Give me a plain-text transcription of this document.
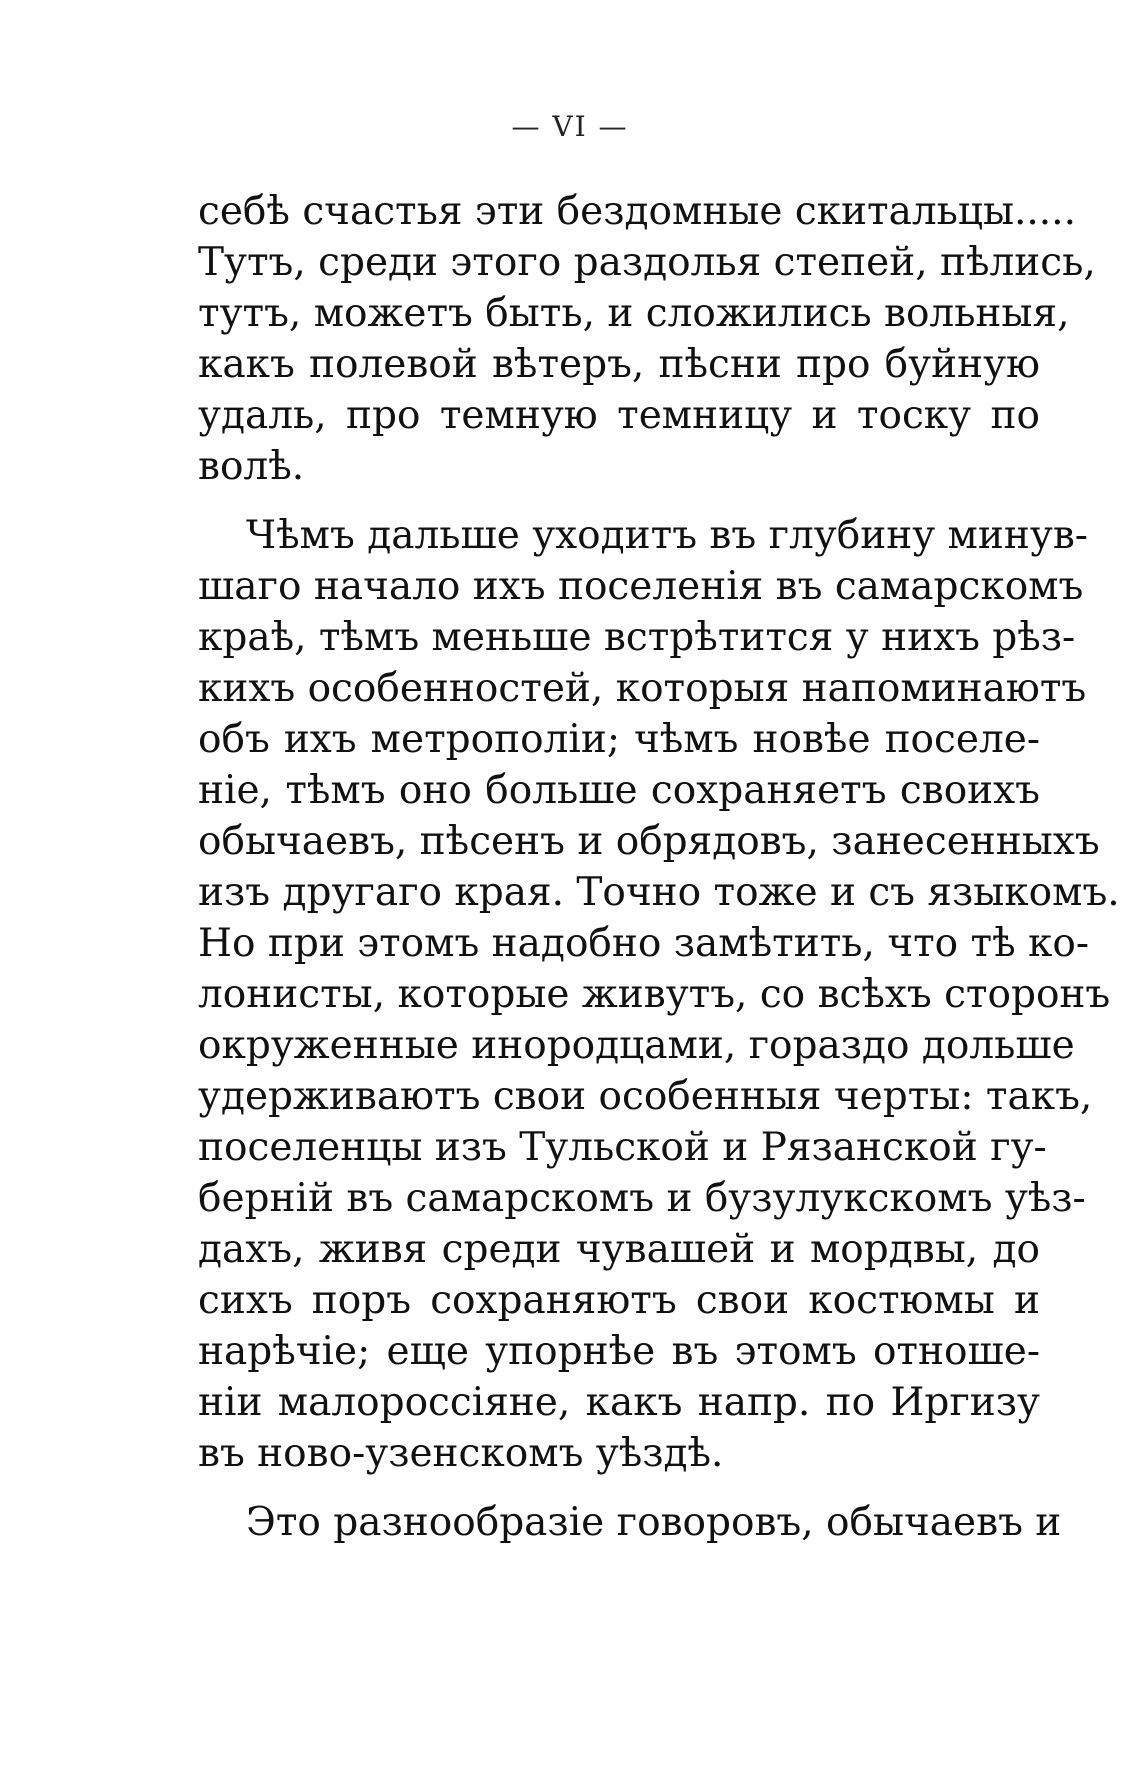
— VI —
себѣ счастья эти бездомные скитальцы.....
Тутъ, среди этого раздолья степей, пѣлись,
тутъ, можетъ быть, и сложились вольныя,
какъ полевой вѣтеръ, пѣсни про буйную
удаль, про темную темницу и тоску по
волѣ.
Чѣмъ дальше уходитъ въ глубину минув-
шаго начало ихъ поселенія въ самарскомъ
краѣ, тѣмъ меньше встрѣтится у нихъ рѣз-
кихъ особенностей, которыя напоминаютъ
объ ихъ метрополіи; чѣмъ новѣе поселе-
ніе, тѣмъ оно больше сохраняетъ своихъ
обычаевъ, пѣсенъ и обрядовъ, занесенныхъ
изъ другаго края. Точно тоже и съ языкомъ.
Но при этомъ надобно замѣтить, что тѣ ко-
лонисты, которые живутъ, со всѣхъ сторонъ
окруженные инородцами, гораздо дольше
удерживаютъ свои особенныя черты: такъ,
поселенцы изъ Тульской и Рязанской гу-
берній въ самарскомъ и бузулукскомъ уѣз-
дахъ, живя среди чувашей и мордвы, до
сихъ поръ сохраняютъ свои костюмы и
нарѣчіе; еще упорнѣе въ этомъ отноше-
ніи малороссіяне, какъ напр. по Иргизу
въ ново-узенскомъ уѣздѣ.
Это разнообразіе говоровъ, обычаевъ и
